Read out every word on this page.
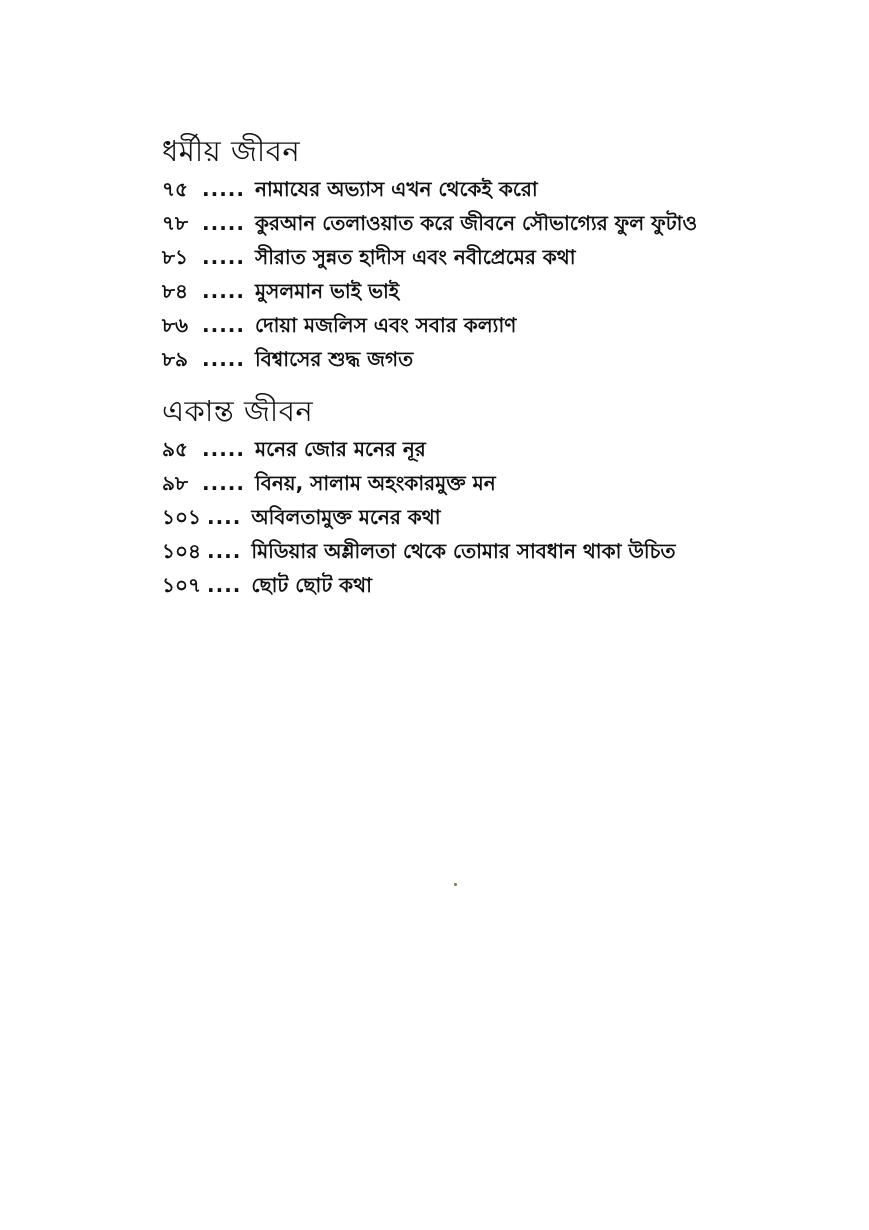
ধর্মীয় জীবন
৭৫ ..... নামাযের অভ্যাস এখন থেকেই করো
৭৮ ..... কুরআন তেলাওয়াত করে জীবনে সৌভাগ্যের ফুল ফুটাও
৮১ ..... সীরাত সুন্নত হাদীস এবং নবীপ্রেমের কথা
৮৪ ..... মুসলমান ভাই ভাই
৮৬ ..... দোয়া মজলিস এবং সবার কল্যাণ
৮৯ ..... বিশ্বাসের শুদ্ধ জগত
একান্ত জীবন
৯৫ ..... মনের জোর মনের নূর
৯৮ ..... বিনয়, সালাম অহংকারমুক্ত মন
১০১ .... অবিলতামুক্ত মনের কথা
১০৪ .... মিডিয়ার অশ্লীলতা থেকে তোমার সাবধান থাকা উচিত
১০৭ .... ছোট ছোট কথা
